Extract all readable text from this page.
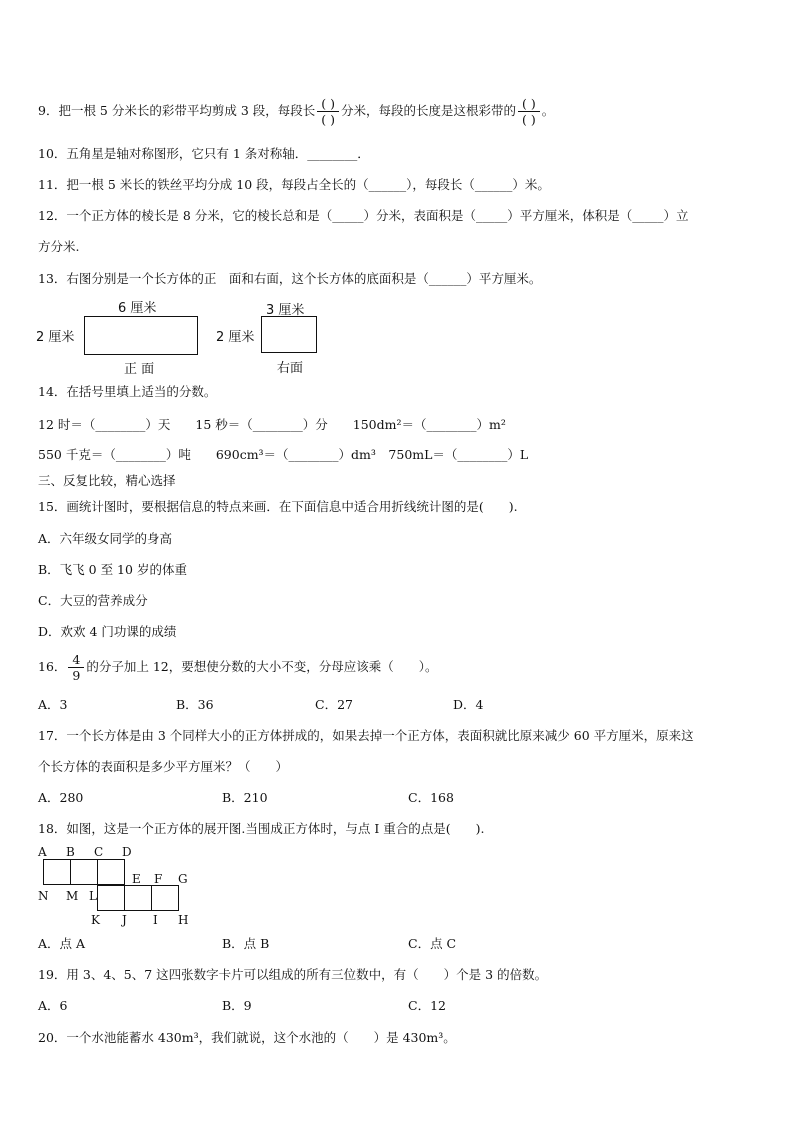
9．把一根 5 分米长的彩带平均剪成 3 段，每段长 $\frac{( )}{( )}$ 分米，每段的长度是这根彩带的 $\frac{( )}{( )}$ 。
10．五角星是轴对称图形，它只有 1 条对称轴．________．
11．把一根 5 米长的铁丝平均分成 10 段，每段占全长的（______），每段长（______）米。
12．一个正方体的棱长是 8 分米，它的棱长总和是（_____）分米，表面积是（_____）平方厘米，体积是（_____）立
方分米.
13．右图分别是一个长方体的正　面和右面，这个长方体的底面积是（______）平方厘米。
6 厘米
2 厘米
正 面
3 厘米
2 厘米
右面
14．在括号里填上适当的分数。
12 时＝（________）天　　15 秒＝（________）分　　150dm²＝（________）m²
550 千克＝（________）吨　　690cm³＝（________）dm³　750mL＝（________）L
三、反复比较，精心选择
15．画统计图时，要根据信息的特点来画．在下面信息中适合用折线统计图的是(　　).
A．六年级女同学的身高
B．飞飞 0 至 10 岁的体重
C．大豆的营养成分
D．欢欢 4 门功课的成绩
16． $\frac{4}{9}$ 的分子加上 12，要想使分数的大小不变，分母应该乘（　　）。
A．3	B．36	C．27	D．4
17．一个长方体是由 3 个同样大小的正方体拼成的，如果去掉一个正方体，表面积就比原来减少 60 平方厘米，原来这
个长方体的表面积是多少平方厘米？（　　）
A．280	B．210	C．168
18．如图，这是一个正方体的展开图.当围成正方体时，与点 I 重合的点是(　　).
A B C D
E F G
N M L
K J I H
A．点 A	B．点 B	C．点 C
19．用 3、4、5、7 这四张数字卡片可以组成的所有三位数中，有（　　）个是 3 的倍数。
A．6	B．9	C．12
20．一个水池能蓄水 430m³，我们就说，这个水池的（　　）是 430m³。
